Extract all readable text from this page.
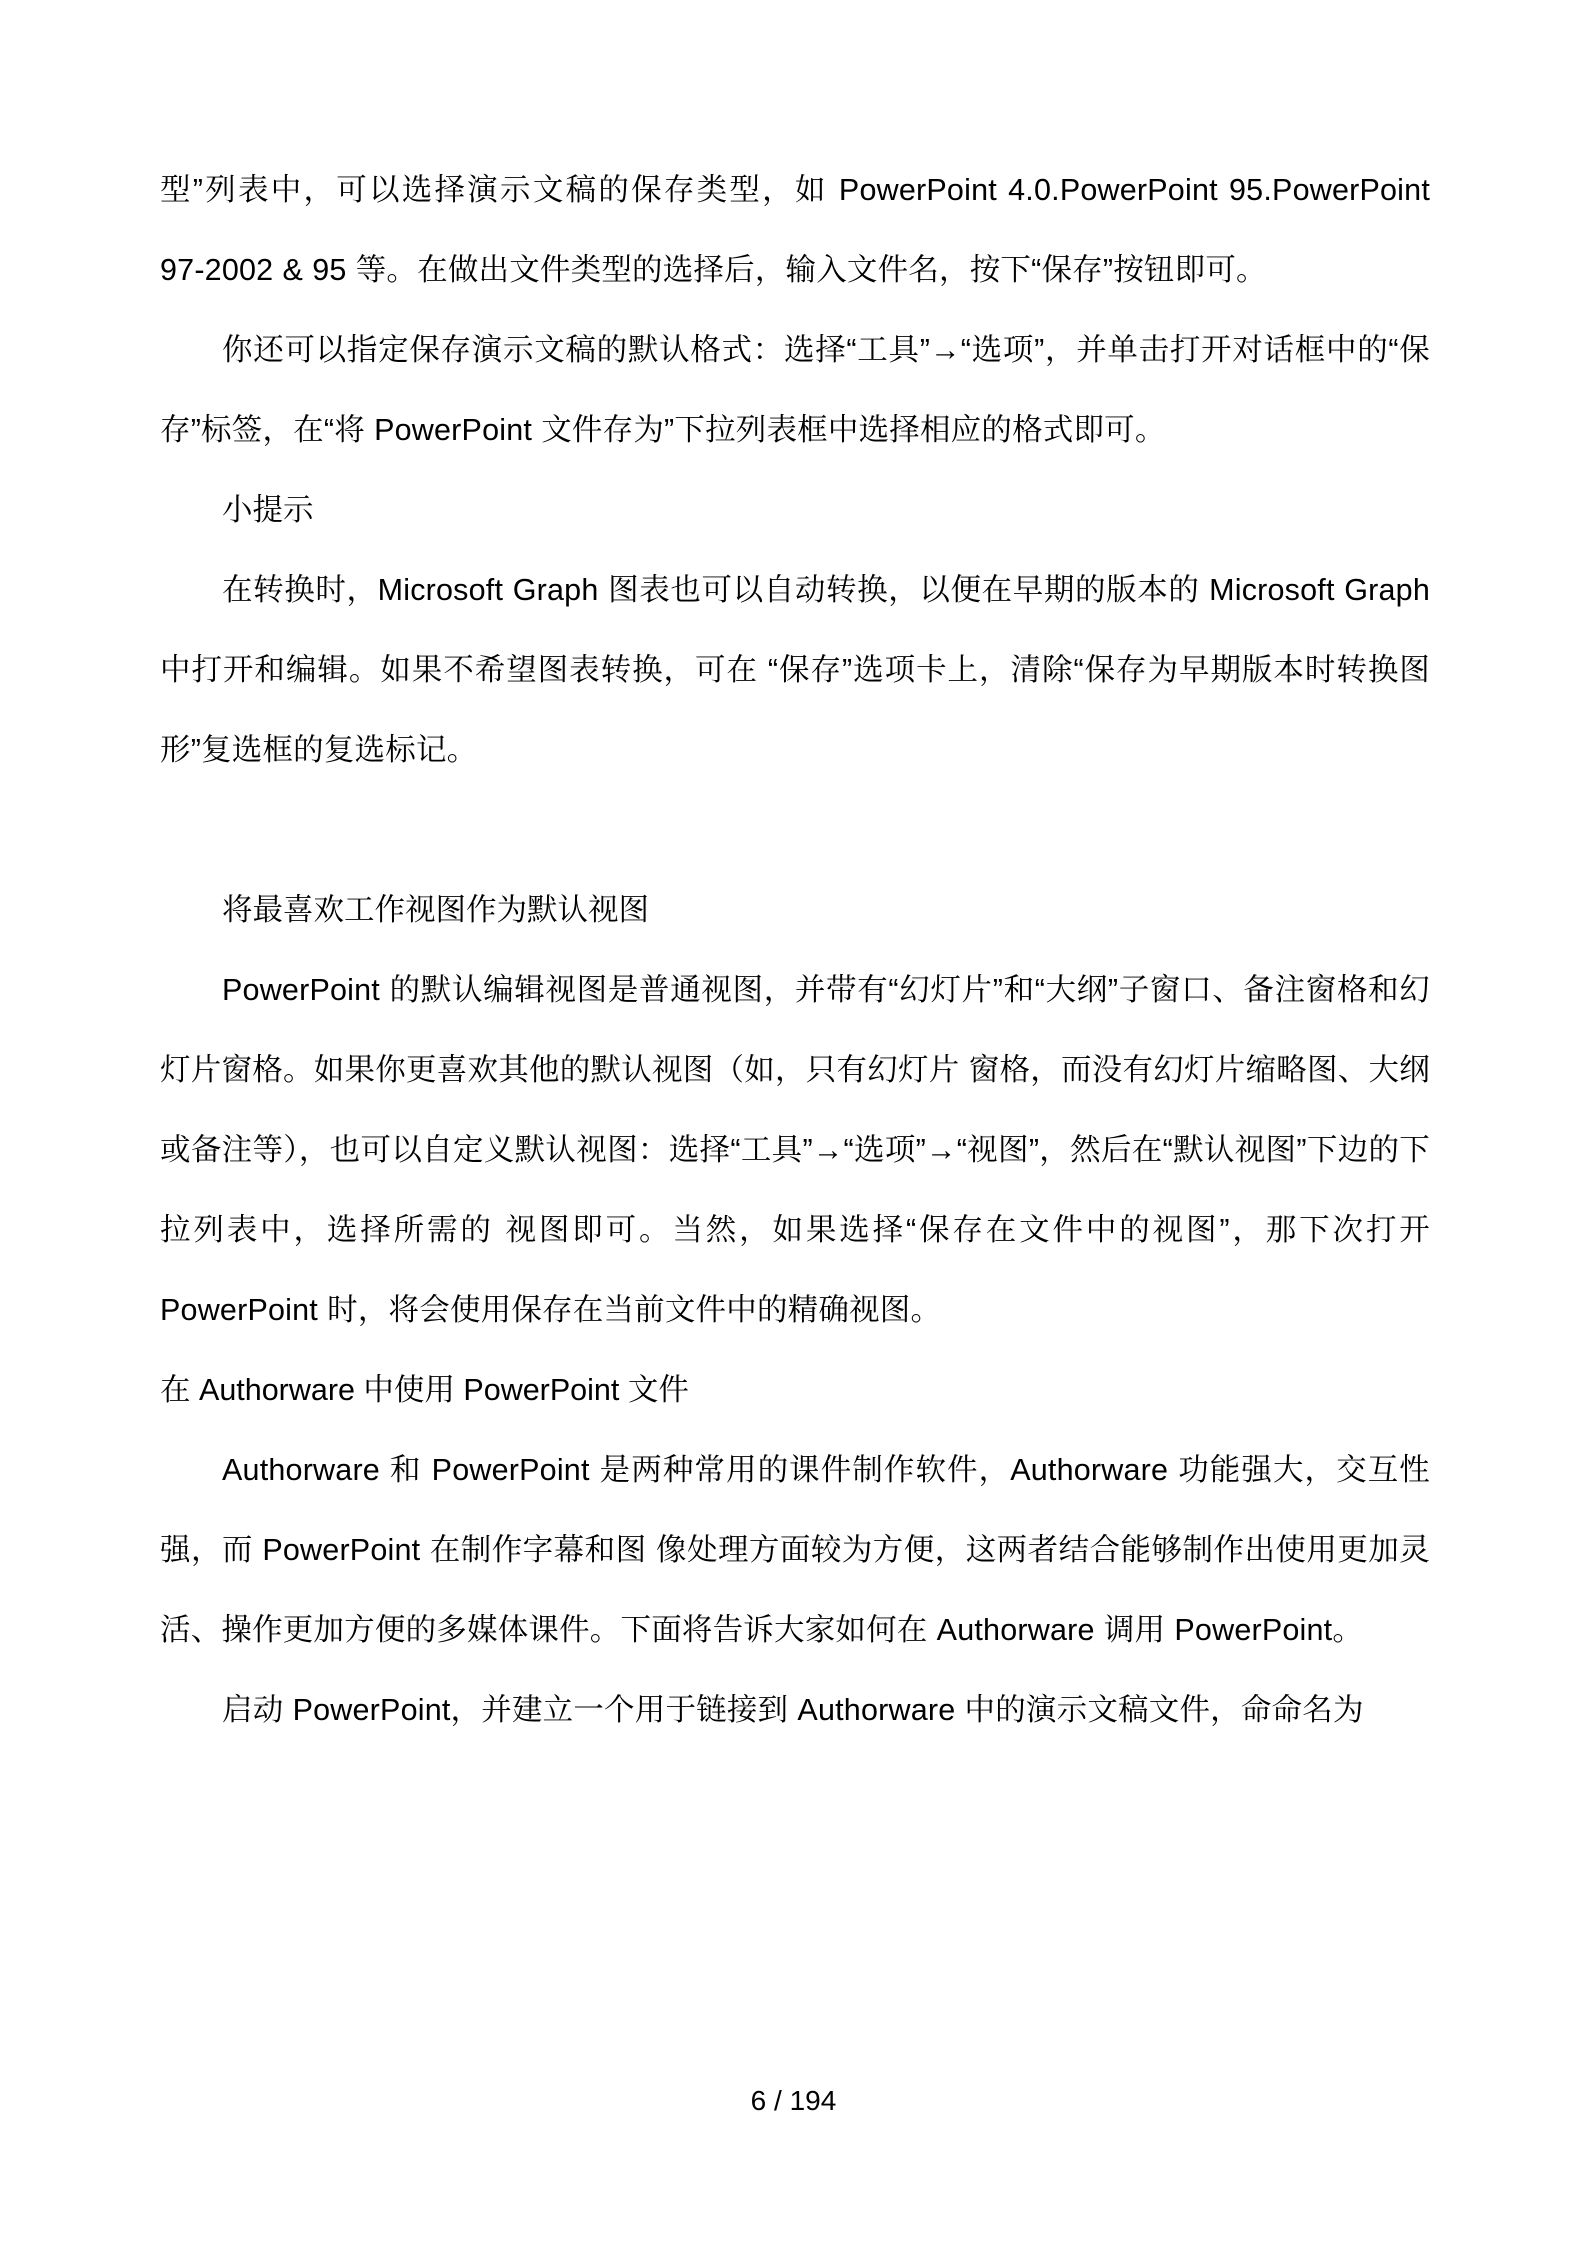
型”列表中，可以选择演示文稿的保存类型，如 PowerPoint 4.0.PowerPoint 95.PowerPoint 97-2002 & 95 等。在做出文件类型的选择后，输入文件名，按下“保存”按钮即可。

你还可以指定保存演示文稿的默认格式：选择“工具”→“选项”，并单击打开对话框中的“保存”标签，在“将 PowerPoint 文件存为”下拉列表框中选择相应的格式即可。

小提示

在转换时，Microsoft Graph 图表也可以自动转换，以便在早期的版本的 Microsoft Graph 中打开和编辑。如果不希望图表转换，可在 “保存”选项卡上，清除“保存为早期版本时转换图形”复选框的复选标记。

将最喜欢工作视图作为默认视图

PowerPoint 的默认编辑视图是普通视图，并带有“幻灯片”和“大纲”子窗口、备注窗格和幻灯片窗格。如果你更喜欢其他的默认视图（如，只有幻灯片 窗格，而没有幻灯片缩略图、大纲或备注等），也可以自定义默认视图：选择“工具”→“选项”→“视图”，然后在“默认视图”下边的下拉列表中，选择所需的 视图即可。当然，如果选择“保存在文件中的视图”，那下次打开 PowerPoint 时，将会使用保存在当前文件中的精确视图。

在 Authorware 中使用 PowerPoint 文件

Authorware 和 PowerPoint 是两种常用的课件制作软件，Authorware 功能强大，交互性强，而 PowerPoint 在制作字幕和图 像处理方面较为方便，这两者结合能够制作出使用更加灵活、操作更加方便的多媒体课件。下面将告诉大家如何在 Authorware 调用 PowerPoint。

启动 PowerPoint，并建立一个用于链接到 Authorware 中的演示文稿文件，命命名为

6 / 194
